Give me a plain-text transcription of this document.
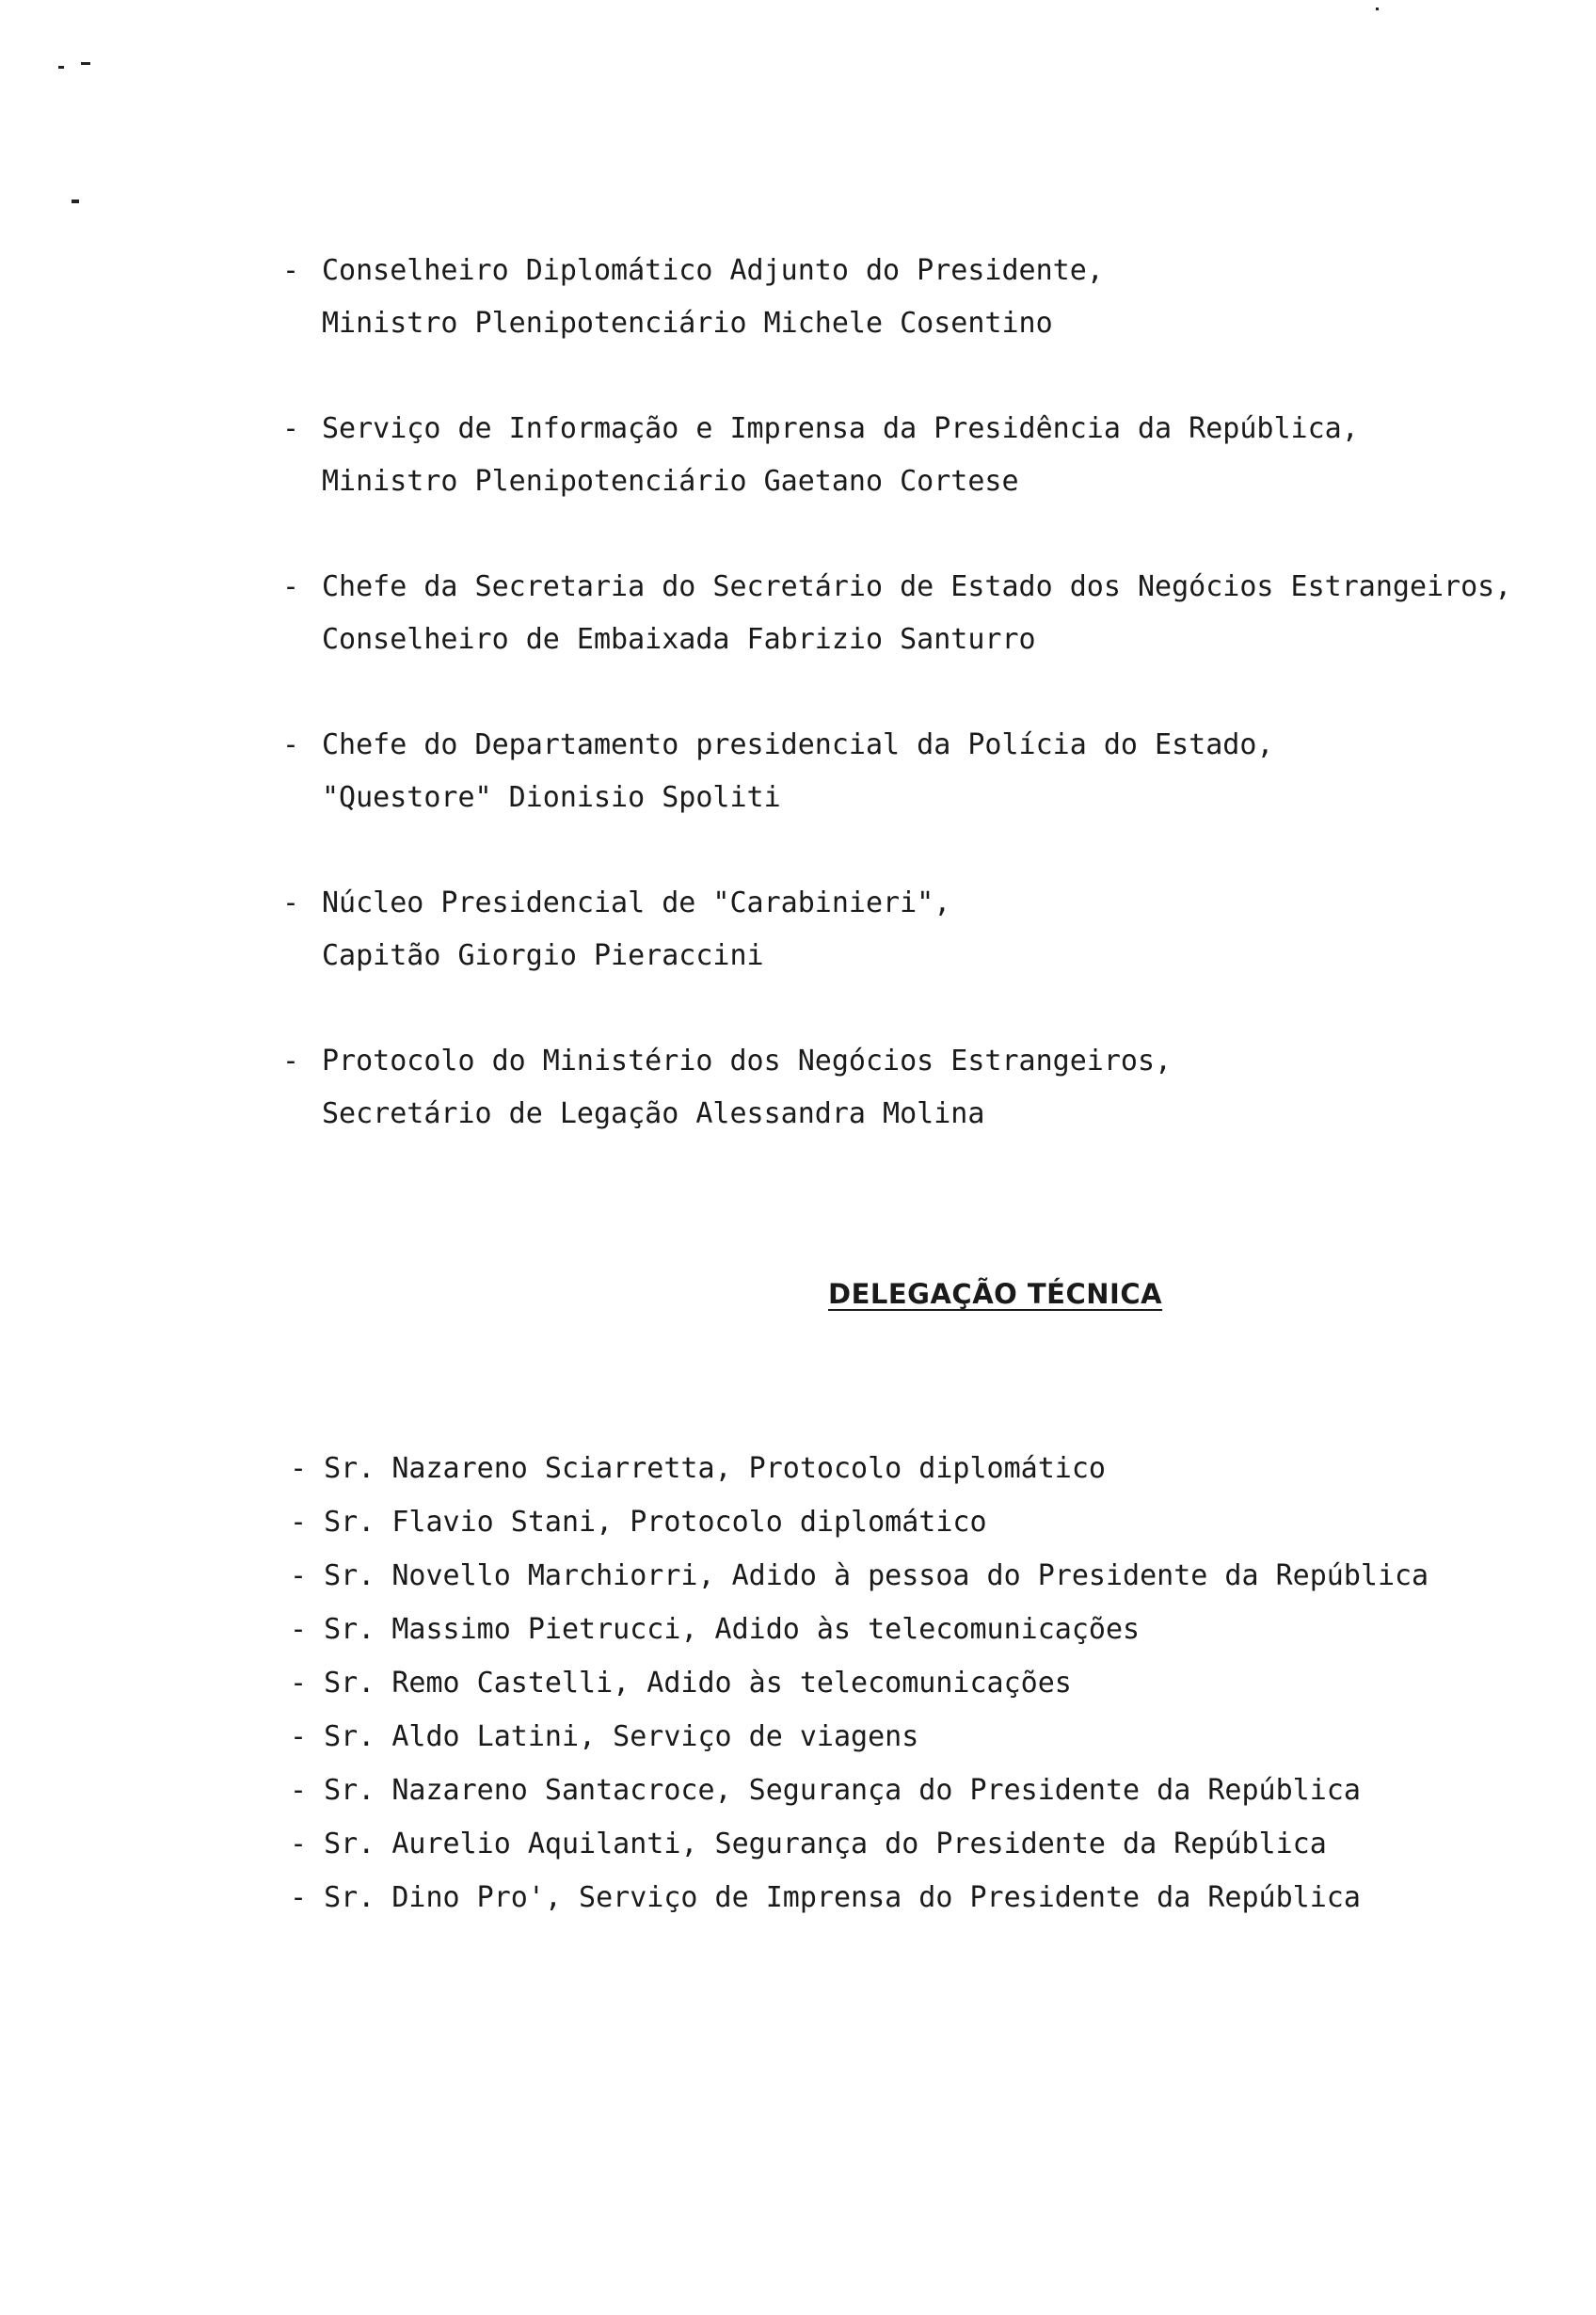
- Conselheiro Diplomático Adjunto do Presidente,
Ministro Plenipotenciário Michele Cosentino
- Serviço de Informação e Imprensa da Presidência da República,
Ministro Plenipotenciário Gaetano Cortese
- Chefe da Secretaria do Secretário de Estado dos Negócios Estrangeiros,
Conselheiro de Embaixada Fabrizio Santurro
- Chefe do Departamento presidencial da Polícia do Estado,
"Questore" Dionisio Spoliti
- Núcleo Presidencial de "Carabinieri",
Capitão Giorgio Pieraccini
- Protocolo do Ministério dos Negócios Estrangeiros,
Secretário de Legação Alessandra Molina
DELEGAÇÃO TÉCNICA
- Sr. Nazareno Sciarretta, Protocolo diplomático
- Sr. Flavio Stani, Protocolo diplomático
- Sr. Novello Marchiorri, Adido à pessoa do Presidente da República
- Sr. Massimo Pietrucci, Adido às telecomunicações
- Sr. Remo Castelli, Adido às telecomunicações
- Sr. Aldo Latini, Serviço de viagens
- Sr. Nazareno Santacroce, Segurança do Presidente da República
- Sr. Aurelio Aquilanti, Segurança do Presidente da República
- Sr. Dino Pro', Serviço de Imprensa do Presidente da República
